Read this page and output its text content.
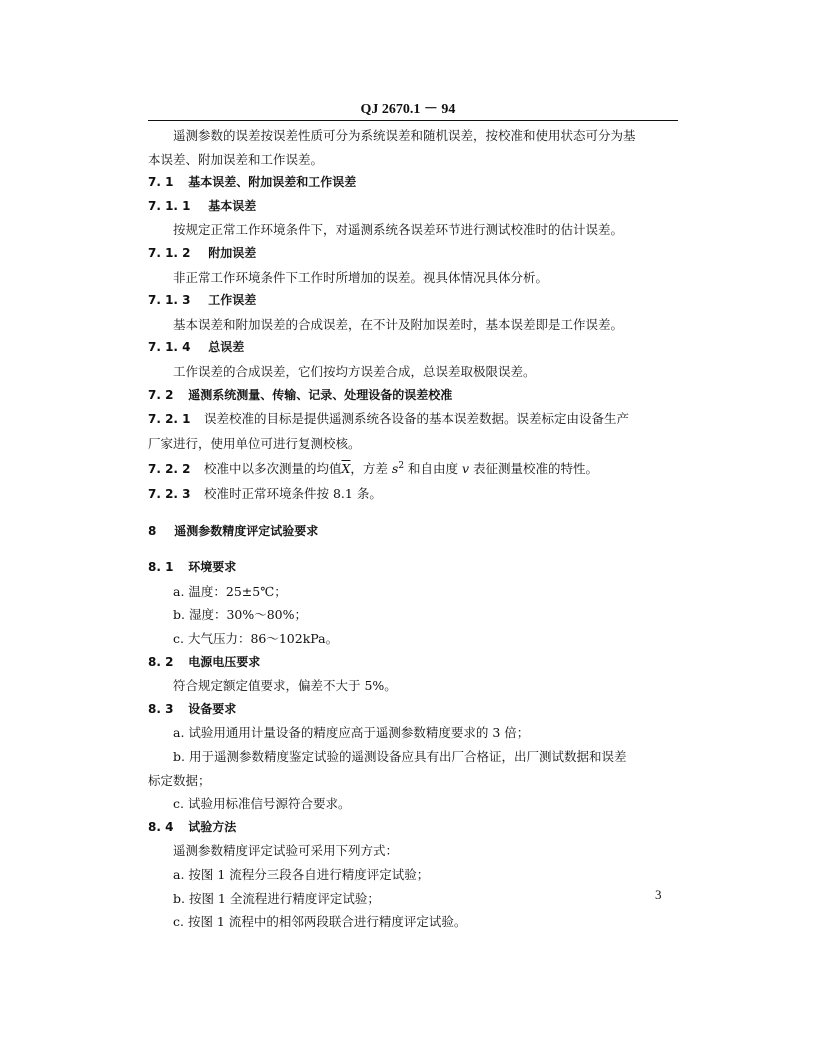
QJ 2670.1 － 94
遥测参数的误差按误差性质可分为系统误差和随机误差，按校准和使用状态可分为基
本误差、附加误差和工作误差。
7. 1 基本误差、附加误差和工作误差
7. 1. 1 基本误差
按规定正常工作环境条件下，对遥测系统各误差环节进行测试校准时的估计误差。
7. 1. 2 附加误差
非正常工作环境条件下工作时所增加的误差。视具体情况具体分析。
7. 1. 3 工作误差
基本误差和附加误差的合成误差，在不计及附加误差时，基本误差即是工作误差。
7. 1. 4 总误差
工作误差的合成误差，它们按均方误差合成，总误差取极限误差。
7. 2 遥测系统测量、传输、记录、处理设备的误差校准
7. 2. 1 误差校准的目标是提供遥测系统各设备的基本误差数据。误差标定由设备生产
厂家进行，使用单位可进行复测校核。
7. 2. 2 校准中以多次测量的均值$\overline{X}$，方差 $s^2$ 和自由度 v 表征测量校准的特性。
7. 2. 3 校准时正常环境条件按 8.1 条。
8 遥测参数精度评定试验要求
8. 1 环境要求
a. 温度：25±5℃；
b. 湿度：30%～80%；
c. 大气压力：86～102kPa。
8. 2 电源电压要求
符合规定额定值要求，偏差不大于 5%。
8. 3 设备要求
a. 试验用通用计量设备的精度应高于遥测参数精度要求的 3 倍；
b. 用于遥测参数精度鉴定试验的遥测设备应具有出厂合格证，出厂测试数据和误差
标定数据；
c. 试验用标准信号源符合要求。
8. 4 试验方法
遥测参数精度评定试验可采用下列方式：
a. 按图 1 流程分三段各自进行精度评定试验；
b. 按图 1 全流程进行精度评定试验；
c. 按图 1 流程中的相邻两段联合进行精度评定试验。
3
